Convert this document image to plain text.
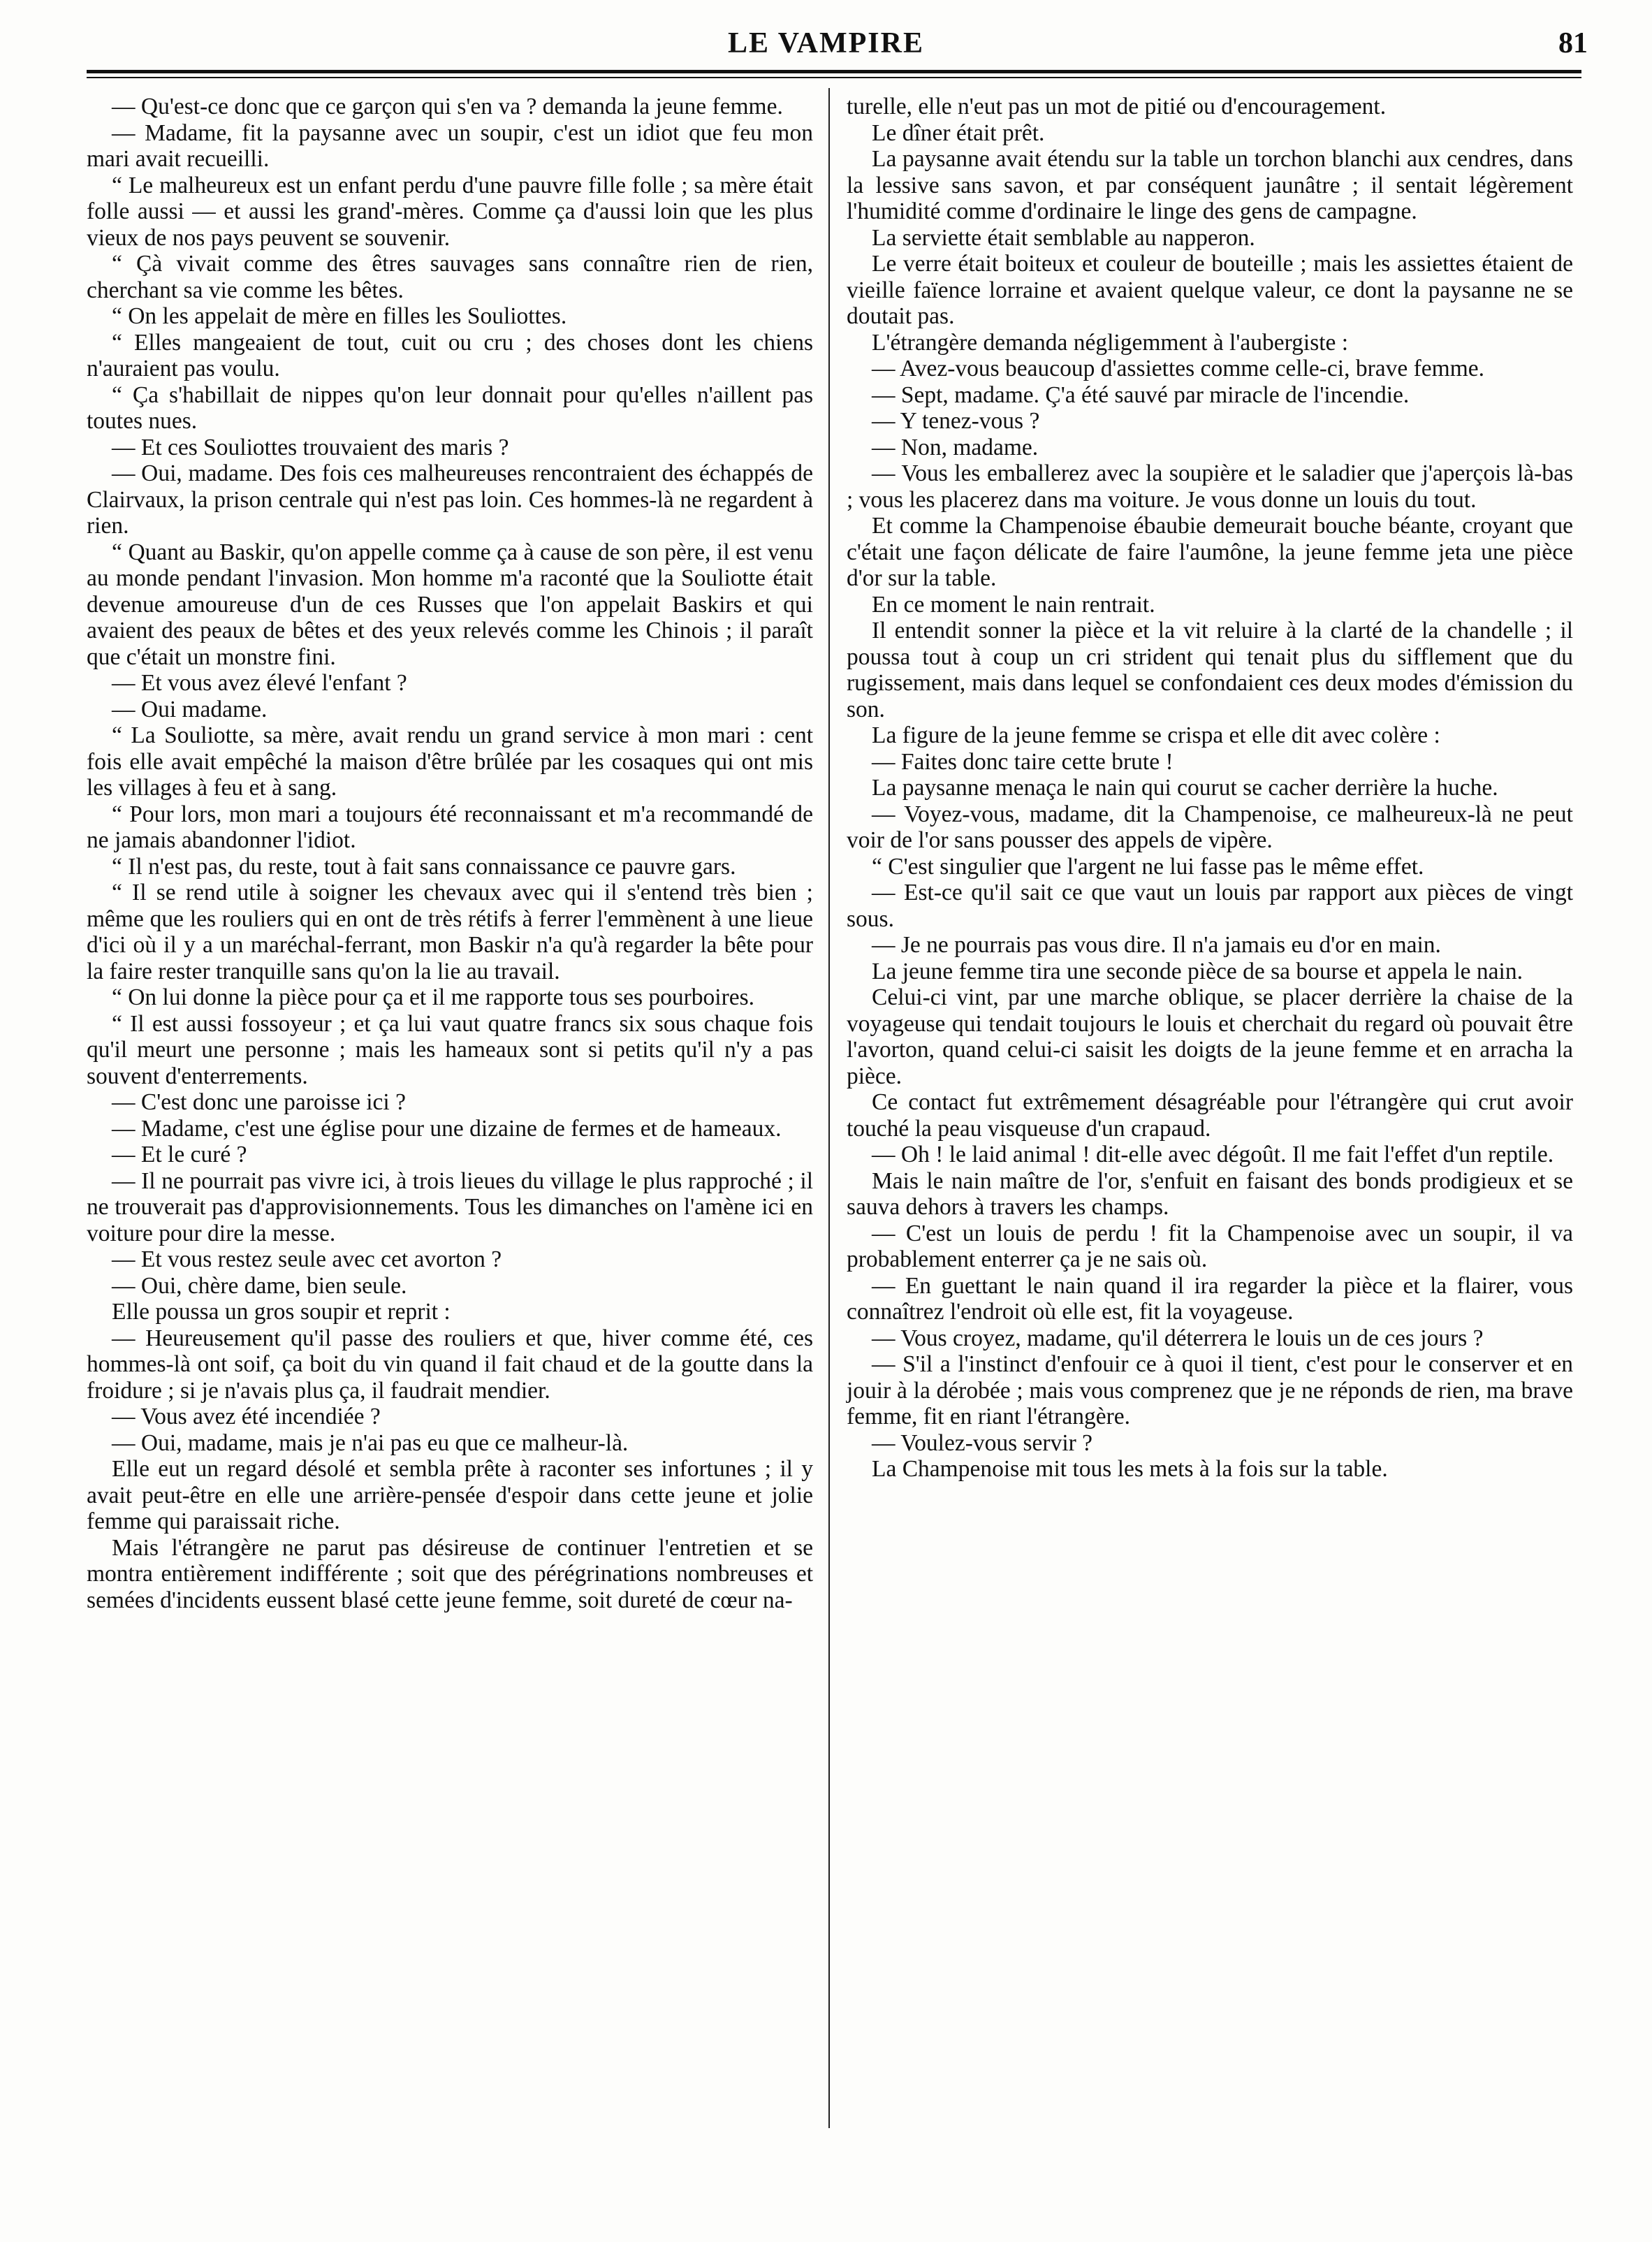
LE VAMPIRE	81

— Qu'est-ce donc que ce garçon qui s'en va ? demanda la jeune femme.

— Madame, fit la paysanne avec un soupir, c'est un idiot que feu mon mari avait recueilli.

“ Le malheureux est un enfant perdu d'une pauvre fille folle ; sa mère était folle aussi — et aussi les grand'-mères. Comme ça d'aussi loin que les plus vieux de nos pays peuvent se souvenir.

“ Çà vivait comme des êtres sauvages sans connaître rien de rien, cherchant sa vie comme les bêtes.

“ On les appelait de mère en filles les Souliottes.

“ Elles mangeaient de tout, cuit ou cru ; des choses dont les chiens n'auraient pas voulu.

“ Ça s'habillait de nippes qu'on leur donnait pour qu'elles n'aillent pas toutes nues.

— Et ces Souliottes trouvaient des maris ?

— Oui, madame. Des fois ces malheureuses rencontraient des échappés de Clairvaux, la prison centrale qui n'est pas loin. Ces hommes-là ne regardent à rien.

“ Quant au Baskir, qu'on appelle comme ça à cause de son père, il est venu au monde pendant l'invasion. Mon homme m'a raconté que la Souliotte était devenue amoureuse d'un de ces Russes que l'on appelait Baskirs et qui avaient des peaux de bêtes et des yeux relevés comme les Chinois ; il paraît que c'était un monstre fini.

— Et vous avez élevé l'enfant ?

— Oui madame.

“ La Souliotte, sa mère, avait rendu un grand service à mon mari : cent fois elle avait empêché la maison d'être brûlée par les cosaques qui ont mis les villages à feu et à sang.

“ Pour lors, mon mari a toujours été reconnaissant et m'a recommandé de ne jamais abandonner l'idiot.

“ Il n'est pas, du reste, tout à fait sans connaissance ce pauvre gars.

“ Il se rend utile à soigner les chevaux avec qui il s'entend très bien ; même que les rouliers qui en ont de très rétifs à ferrer l'emmènent à une lieue d'ici où il y a un maréchal-ferrant, mon Baskir n'a qu'à regarder la bête pour la faire rester tranquille sans qu'on la lie au travail.

“ On lui donne la pièce pour ça et il me rapporte tous ses pourboires.

“ Il est aussi fossoyeur ; et ça lui vaut quatre francs six sous chaque fois qu'il meurt une personne ; mais les hameaux sont si petits qu'il n'y a pas souvent d'enterrements.

— C'est donc une paroisse ici ?

— Madame, c'est une église pour une dizaine de fermes et de hameaux.

— Et le curé ?

— Il ne pourrait pas vivre ici, à trois lieues du village le plus rapproché ; il ne trouverait pas d'approvisionnements. Tous les dimanches on l'amène ici en voiture pour dire la messe.

— Et vous restez seule avec cet avorton ?

— Oui, chère dame, bien seule.

Elle poussa un gros soupir et reprit :

— Heureusement qu'il passe des rouliers et que, hiver comme été, ces hommes-là ont soif, ça boit du vin quand il fait chaud et de la goutte dans la froidure ; si je n'avais plus ça, il faudrait mendier.

— Vous avez été incendiée ?

— Oui, madame, mais je n'ai pas eu que ce malheur-là.

Elle eut un regard désolé et sembla prête à raconter ses infortunes ; il y avait peut-être en elle une arrière-pensée d'espoir dans cette jeune et jolie femme qui paraissait riche.

Mais l'étrangère ne parut pas désireuse de continuer l'entretien et se montra entièrement indifférente ; soit que des pérégrinations nombreuses et semées d'incidents eussent blasé cette jeune femme, soit dureté de cœur na-

turelle, elle n'eut pas un mot de pitié ou d'encouragement.

Le dîner était prêt.

La paysanne avait étendu sur la table un torchon blanchi aux cendres, dans la lessive sans savon, et par conséquent jaunâtre ; il sentait légèrement l'humidité comme d'ordinaire le linge des gens de campagne.

La serviette était semblable au napperon.

Le verre était boiteux et couleur de bouteille ; mais les assiettes étaient de vieille faïence lorraine et avaient quelque valeur, ce dont la paysanne ne se doutait pas.

L'étrangère demanda négligemment à l'aubergiste :

— Avez-vous beaucoup d'assiettes comme celle-ci, brave femme.

— Sept, madame. Ç'a été sauvé par miracle de l'incendie.

— Y tenez-vous ?

— Non, madame.

— Vous les emballerez avec la soupière et le saladier que j'aperçois là-bas ; vous les placerez dans ma voiture. Je vous donne un louis du tout.

Et comme la Champenoise ébaubie demeurait bouche béante, croyant que c'était une façon délicate de faire l'aumône, la jeune femme jeta une pièce d'or sur la table.

En ce moment le nain rentrait.

Il entendit sonner la pièce et la vit reluire à la clarté de la chandelle ; il poussa tout à coup un cri strident qui tenait plus du sifflement que du rugissement, mais dans lequel se confondaient ces deux modes d'émission du son.

La figure de la jeune femme se crispa et elle dit avec colère :

— Faites donc taire cette brute !

La paysanne menaça le nain qui courut se cacher derrière la huche.

— Voyez-vous, madame, dit la Champenoise, ce malheureux-là ne peut voir de l'or sans pousser des appels de vipère.

“ C'est singulier que l'argent ne lui fasse pas le même effet.

— Est-ce qu'il sait ce que vaut un louis par rapport aux pièces de vingt sous.

— Je ne pourrais pas vous dire. Il n'a jamais eu d'or en main.

La jeune femme tira une seconde pièce de sa bourse et appela le nain.

Celui-ci vint, par une marche oblique, se placer derrière la chaise de la voyageuse qui tendait toujours le louis et cherchait du regard où pouvait être l'avorton, quand celui-ci saisit les doigts de la jeune femme et en arracha la pièce.

Ce contact fut extrêmement désagréable pour l'étrangère qui crut avoir touché la peau visqueuse d'un crapaud.

— Oh ! le laid animal ! dit-elle avec dégoût. Il me fait l'effet d'un reptile.

Mais le nain maître de l'or, s'enfuit en faisant des bonds prodigieux et se sauva dehors à travers les champs.

— C'est un louis de perdu ! fit la Champenoise avec un soupir, il va probablement enterrer ça je ne sais où.

— En guettant le nain quand il ira regarder la pièce et la flairer, vous connaîtrez l'endroit où elle est, fit la voyageuse.

— Vous croyez, madame, qu'il déterrera le louis un de ces jours ?

— S'il a l'instinct d'enfouir ce à quoi il tient, c'est pour le conserver et en jouir à la dérobée ; mais vous comprenez que je ne réponds de rien, ma brave femme, fit en riant l'étrangère.

— Voulez-vous servir ?

La Champenoise mit tous les mets à la fois sur la table.
